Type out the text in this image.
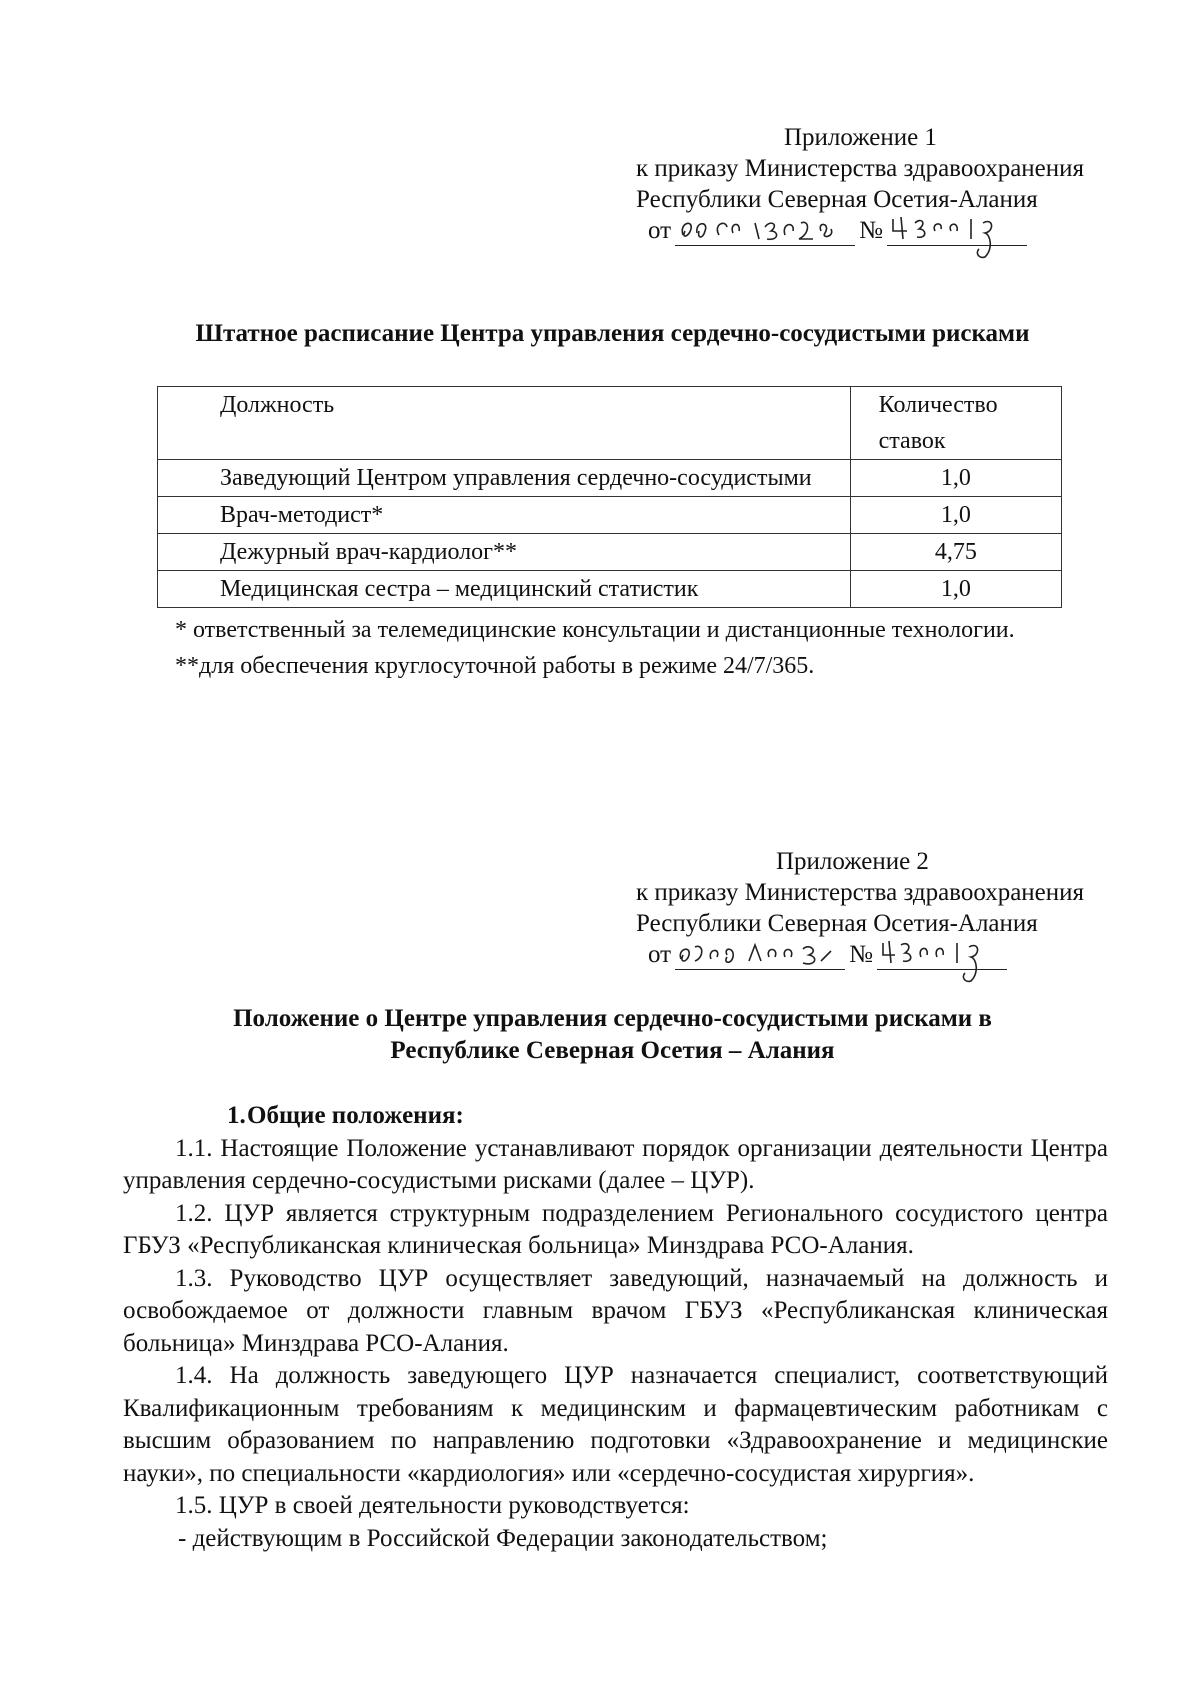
Приложение 1
к приказу Министерства здравоохранения
Республики Северная Осетия-Алания
от	№
Штатное расписание Центра управления сердечно-сосудистыми рисками
Должность	Количество ставок
Заведующий Центром управления сердечно-сосудистыми	1,0
Врач-методист*	1,0
Дежурный врач-кардиолог**	4,75
Медицинская сестра – медицинский статистик	1,0
* ответственный за телемедицинские консультации и дистанционные технологии.
**для обеспечения круглосуточной работы в режиме 24/7/365.
Приложение 2
к приказу Министерства здравоохранения
Республики Северная Осетия-Алания
от	№
Положение о Центре управления сердечно-сосудистыми рисками в
Республике Северная Осетия – Алания

1.Общие положения:

1.1. Настоящие Положение устанавливают порядок организации деятельности Центра управления сердечно-сосудистыми рисками (далее – ЦУР).

1.2. ЦУР является структурным подразделением Регионального сосудистого центра ГБУЗ «Республиканская клиническая больница» Минздрава РСО-Алания.

1.3. Руководство ЦУР осуществляет заведующий, назначаемый на должность и освобождаемое от должности главным врачом ГБУЗ «Республиканская клиническая больница» Минздрава РСО-Алания.

1.4. На должность заведующего ЦУР назначается специалист, соответствующий Квалификационным требованиям к медицинским и фармацевтическим работникам с высшим образованием по направлению подготовки «Здравоохранение и медицинские науки», по специальности «кардиология» или «сердечно-сосудистая хирургия».

1.5. ЦУР в своей деятельности руководствуется:

- действующим в Российской Федерации законодательством;
